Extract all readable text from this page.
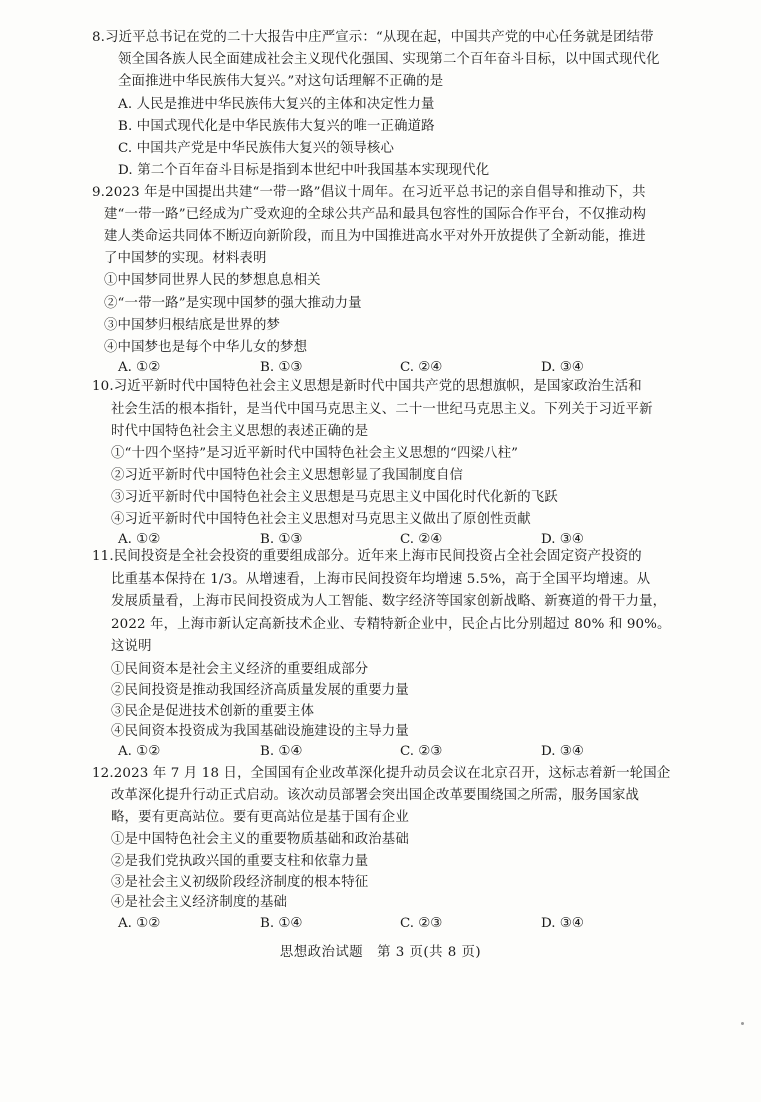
8.习近平总书记在党的二十大报告中庄严宣示：“从现在起，中国共产党的中心任务就是团结带
领全国各族人民全面建成社会主义现代化强国、实现第二个百年奋斗目标，以中国式现代化
全面推进中华民族伟大复兴。”对这句话理解不正确的是
A. 人民是推进中华民族伟大复兴的主体和决定性力量
B. 中国式现代化是中华民族伟大复兴的唯一正确道路
C. 中国共产党是中华民族伟大复兴的领导核心
D. 第二个百年奋斗目标是指到本世纪中叶我国基本实现现代化
9.2023 年是中国提出共建“一带一路”倡议十周年。在习近平总书记的亲自倡导和推动下，共
建“一带一路”已经成为广受欢迎的全球公共产品和最具包容性的国际合作平台，不仅推动构
建人类命运共同体不断迈向新阶段，而且为中国推进高水平对外开放提供了全新动能，推进
了中国梦的实现。材料表明
①中国梦同世界人民的梦想息息相关
②“一带一路”是实现中国梦的强大推动力量
③中国梦归根结底是世界的梦
④中国梦也是每个中华儿女的梦想
A. ①②	B. ①③	C. ②④	D. ③④
10.习近平新时代中国特色社会主义思想是新时代中国共产党的思想旗帜，是国家政治生活和
社会生活的根本指针，是当代中国马克思主义、二十一世纪马克思主义。下列关于习近平新
时代中国特色社会主义思想的表述正确的是
①“十四个坚持”是习近平新时代中国特色社会主义思想的“四梁八柱”
②习近平新时代中国特色社会主义思想彰显了我国制度自信
③习近平新时代中国特色社会主义思想是马克思主义中国化时代化新的飞跃
④习近平新时代中国特色社会主义思想对马克思主义做出了原创性贡献
A. ①②	B. ①③	C. ②④	D. ③④
11.民间投资是全社会投资的重要组成部分。近年来上海市民间投资占全社会固定资产投资的
比重基本保持在 1/3。从增速看，上海市民间投资年均增速 5.5%，高于全国平均增速。从
发展质量看，上海市民间投资成为人工智能、数字经济等国家创新战略、新赛道的骨干力量，
2022 年，上海市新认定高新技术企业、专精特新企业中，民企占比分别超过 80% 和 90%。
这说明
①民间资本是社会主义经济的重要组成部分
②民间投资是推动我国经济高质量发展的重要力量
③民企是促进技术创新的重要主体
④民间资本投资成为我国基础设施建设的主导力量
A. ①②	B. ①④	C. ②③	D. ③④
12.2023 年 7 月 18 日，全国国有企业改革深化提升动员会议在北京召开，这标志着新一轮国企
改革深化提升行动正式启动。该次动员部署会突出国企改革要围绕国之所需，服务国家战
略，要有更高站位。要有更高站位是基于国有企业
①是中国特色社会主义的重要物质基础和政治基础
②是我们党执政兴国的重要支柱和依靠力量
③是社会主义初级阶段经济制度的根本特征
④是社会主义经济制度的基础
A. ①②	B. ①④	C. ②③	D. ③④
思想政治试题　第 3 页(共 8 页)
